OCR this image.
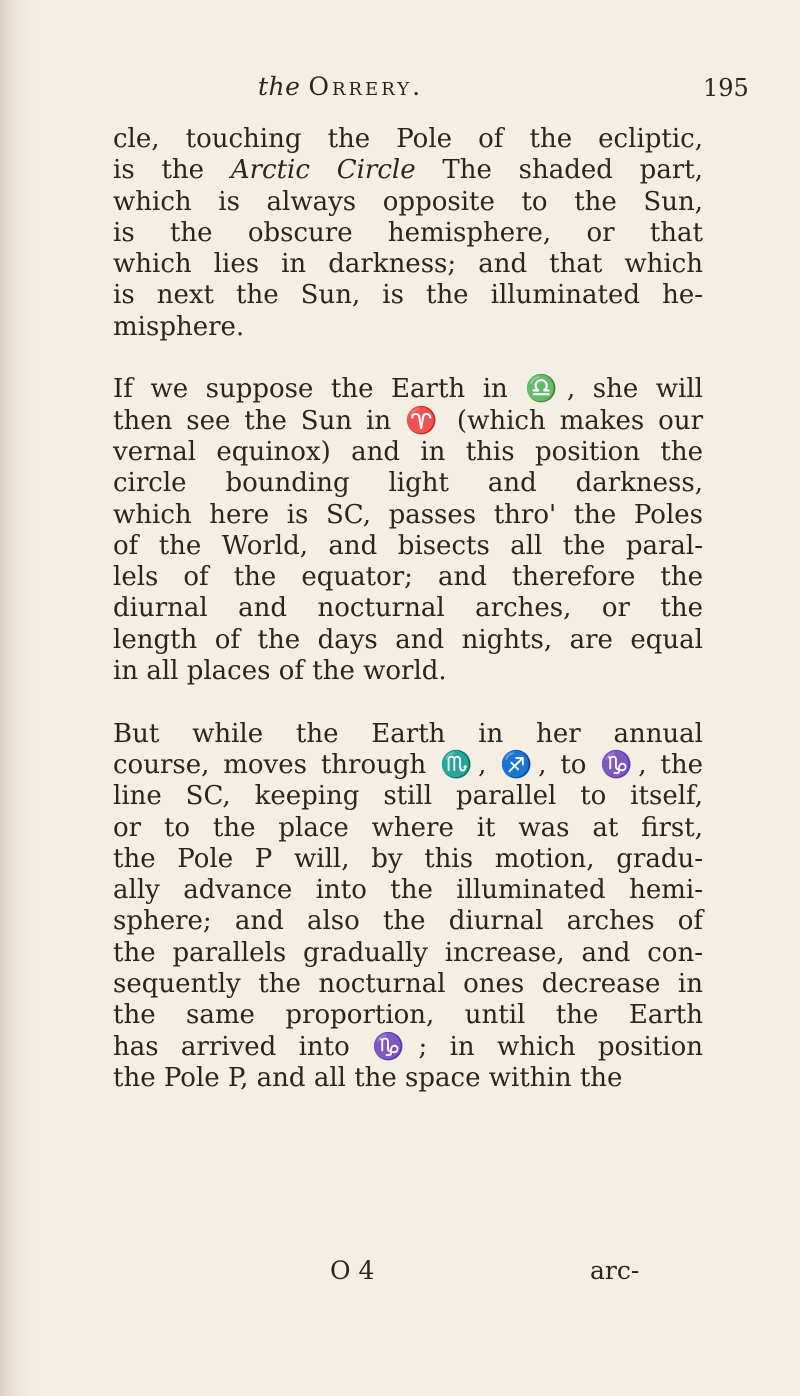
the Orrery.	195
cle, touching the Pole of the ecliptic,
is the Arctic Circle The shaded part,
which is always opposite to the Sun,
is the obscure hemisphere, or that
which lies in darkness; and that which
is next the Sun, is the illuminated he-
misphere.
If we suppose the Earth in ♎, she will
then see the Sun in ♈ (which makes our
vernal equinox) and in this position the
circle bounding light and darkness,
which here is SC, passes thro' the Poles
of the World, and bisects all the paral-
lels of the equator; and therefore the
diurnal and nocturnal arches, or the
length of the days and nights, are equal
in all places of the world.
But while the Earth in her annual
course, moves through ♏, ♐, to ♑, the
line SC, keeping still parallel to itself,
or to the place where it was at first,
the Pole P will, by this motion, gradu-
ally advance into the illuminated hemi-
sphere; and also the diurnal arches of
the parallels gradually increase, and con-
sequently the nocturnal ones decrease in
the same proportion, until the Earth
has arrived into ♑; in which position
the Pole P, and all the space within the
O 4	arc-
